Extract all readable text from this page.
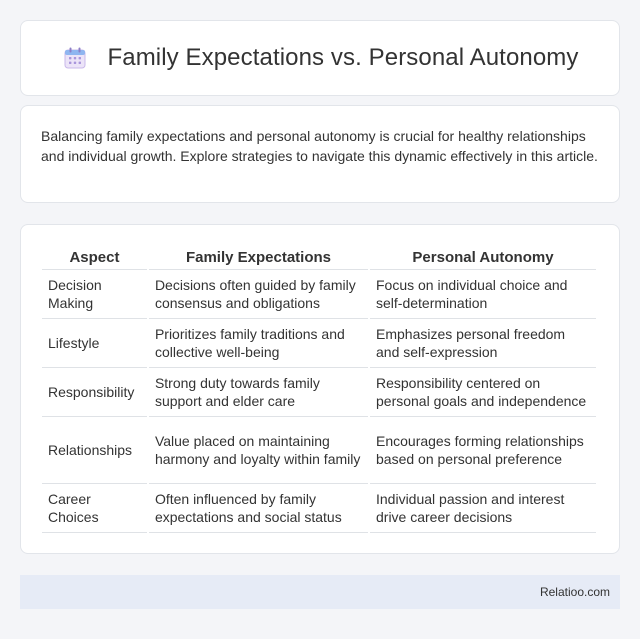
Family Expectations vs. Personal Autonomy

Balancing family expectations and personal autonomy is crucial for healthy relationships and individual growth. Explore strategies to navigate this dynamic effectively in this article.

Aspect	Family Expectations	Personal Autonomy
Decision Making	Decisions often guided by family consensus and obligations	Focus on individual choice and self-determination
Lifestyle	Prioritizes family traditions and collective well-being	Emphasizes personal freedom and self-expression
Responsibility	Strong duty towards family support and elder care	Responsibility centered on personal goals and independence
Relationships	Value placed on maintaining harmony and loyalty within family	Encourages forming relationships based on personal preference
Career Choices	Often influenced by family expectations and social status	Individual passion and interest drive career decisions
Relatioo.com
